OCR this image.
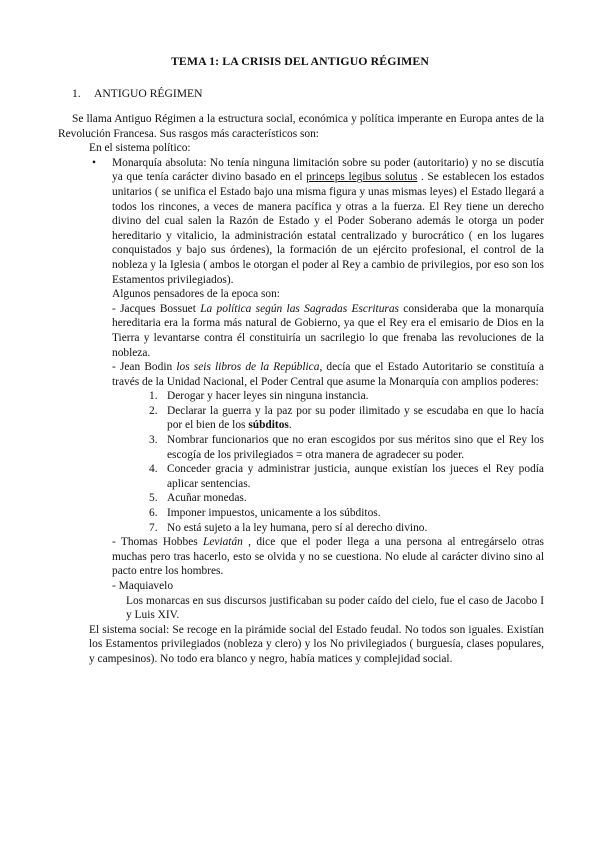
TEMA 1: LA CRISIS DEL ANTIGUO RÉGIMEN
1. ANTIGUO RÉGIMEN

Se llama Antiguo Régimen a la estructura social, económica y política imperante en Europa antes de la Revolución Francesa. Sus rasgos más característicos son:

En el sistema político:

• Monarquía absoluta: No tenía ninguna limitación sobre su poder (autoritario) y no se discutía ya que tenía carácter divino basado en el princeps legibus solutus . Se establecen los estados unitarios ( se unifica el Estado bajo una misma figura y unas mismas leyes) el Estado llegará a todos los rincones, a veces de manera pacífica y otras a la fuerza. El Rey tiene un derecho divino del cual salen la Razón de Estado y el Poder Soberano además le otorga un poder hereditario y vitalicio, la administración estatal centralizado y burocrático ( en los lugares conquistados y bajo sus órdenes), la formación de un ejército profesional, el control de la nobleza y la Iglesia ( ambos le otorgan el poder al Rey a cambio de privilegios, por eso son los Estamentos privilegiados).

Algunos pensadores de la epoca son:

- Jacques Bossuet La política según las Sagradas Escrituras consideraba que la monarquía hereditaria era la forma más natural de Gobierno, ya que el Rey era el emisario de Dios en la Tierra y levantarse contra él constituiría un sacrilegio lo que frenaba las revoluciones de la nobleza.

- Jean Bodin los seis libros de la República, decía que el Estado Autoritario se constituía a través de la Unidad Nacional, el Poder Central que asume la Monarquía con amplios poderes:

1. Derogar y hacer leyes sin ninguna instancia.
2. Declarar la guerra y la paz por su poder ilimitado y se escudaba en que lo hacía por el bien de los súbditos.
3. Nombrar funcionarios que no eran escogidos por sus méritos sino que el Rey los escogía de los privilegiados = otra manera de agradecer su poder.
4. Conceder gracia y administrar justicia, aunque existían los jueces el Rey podía aplicar sentencias.
5. Acuñar monedas.
6. Imponer impuestos, unicamente a los súbditos.
7. No está sujeto a la ley humana, pero sí al derecho divino.

- Thomas Hobbes Leviatán , dice que el poder llega a una persona al entregárselo otras muchas pero tras hacerlo, esto se olvida y no se cuestiona. No elude al carácter divino sino al pacto entre los hombres.

- Maquiavelo

Los monarcas en sus discursos justificaban su poder caído del cielo, fue el caso de Jacobo I y Luis XIV.

El sistema social: Se recoge en la pirámide social del Estado feudal. No todos son iguales. Existían los Estamentos privilegiados (nobleza y clero) y los No privilegiados ( burguesía, clases populares, y campesinos). No todo era blanco y negro, había matices y complejidad social.
